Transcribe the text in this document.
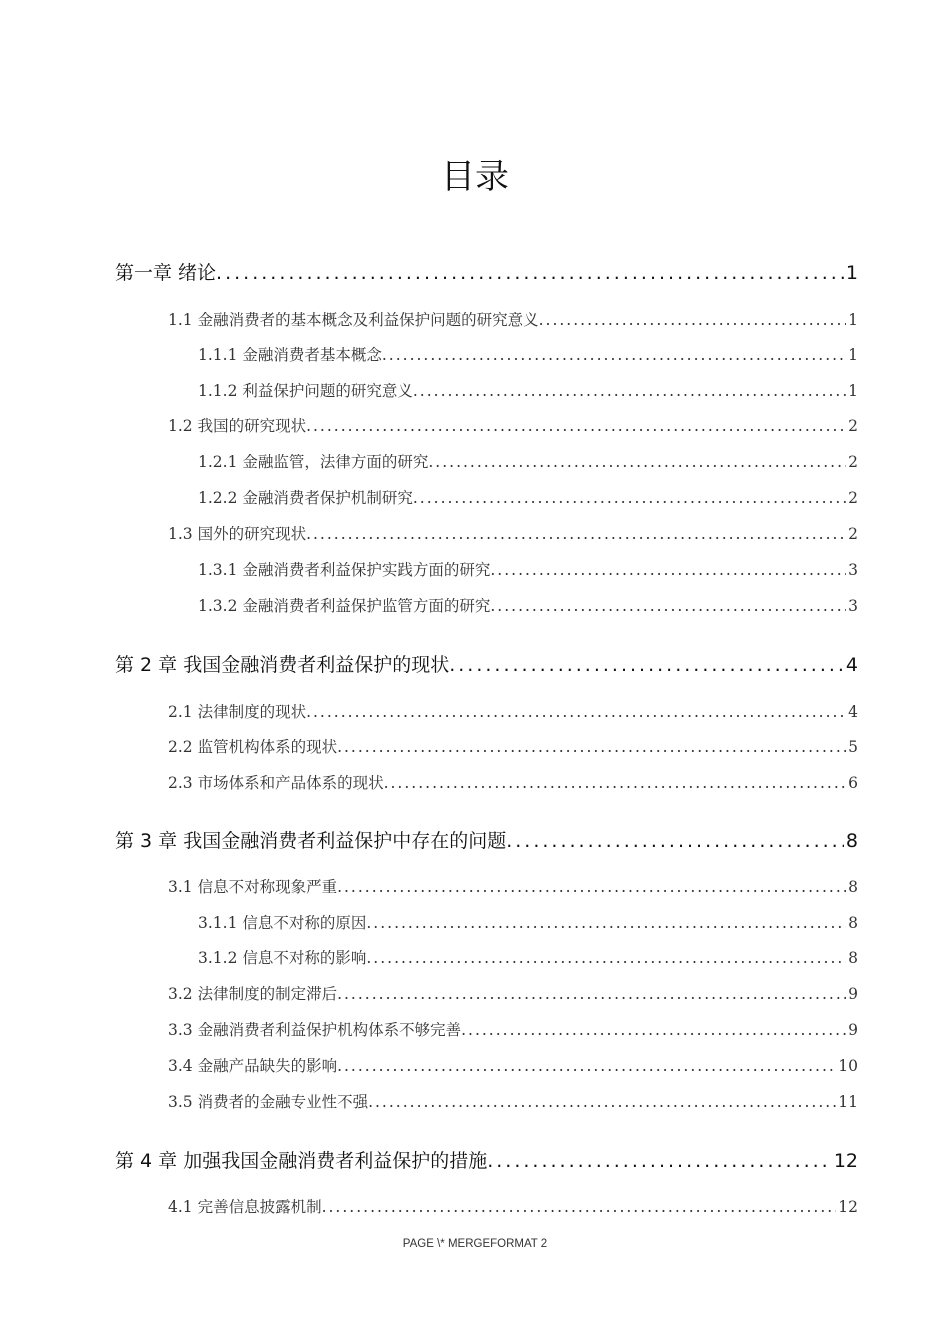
目录
第一章 绪论 .....	1
1.1 金融消费者的基本概念及利益保护问题的研究意义 .....	1
1.1.1 金融消费者基本概念 .....	1
1.1.2 利益保护问题的研究意义 .....	1
1.2 我国的研究现状 .....	2
1.2.1 金融监管，法律方面的研究 .....	2
1.2.2 金融消费者保护机制研究 .....	2
1.3 国外的研究现状 .....	2
1.3.1 金融消费者利益保护实践方面的研究 .....	3
1.3.2 金融消费者利益保护监管方面的研究 .....	3
第 2 章 我国金融消费者利益保护的现状 .....	4
2.1 法律制度的现状 .....	4
2.2 监管机构体系的现状 .....	5
2.3 市场体系和产品体系的现状 .....	6
第 3 章 我国金融消费者利益保护中存在的问题 .....	8
3.1 信息不对称现象严重 .....	8
3.1.1 信息不对称的原因 .....	8
3.1.2 信息不对称的影响 .....	8
3.2 法律制度的制定滞后 .....	9
3.3 金融消费者利益保护机构体系不够完善 .....	9
3.4 金融产品缺失的影响 .....	10
3.5 消费者的金融专业性不强 .....	11
第 4 章 加强我国金融消费者利益保护的措施 .....	12
4.1 完善信息披露机制 .....	12
PAGE \* MERGEFORMAT 2
